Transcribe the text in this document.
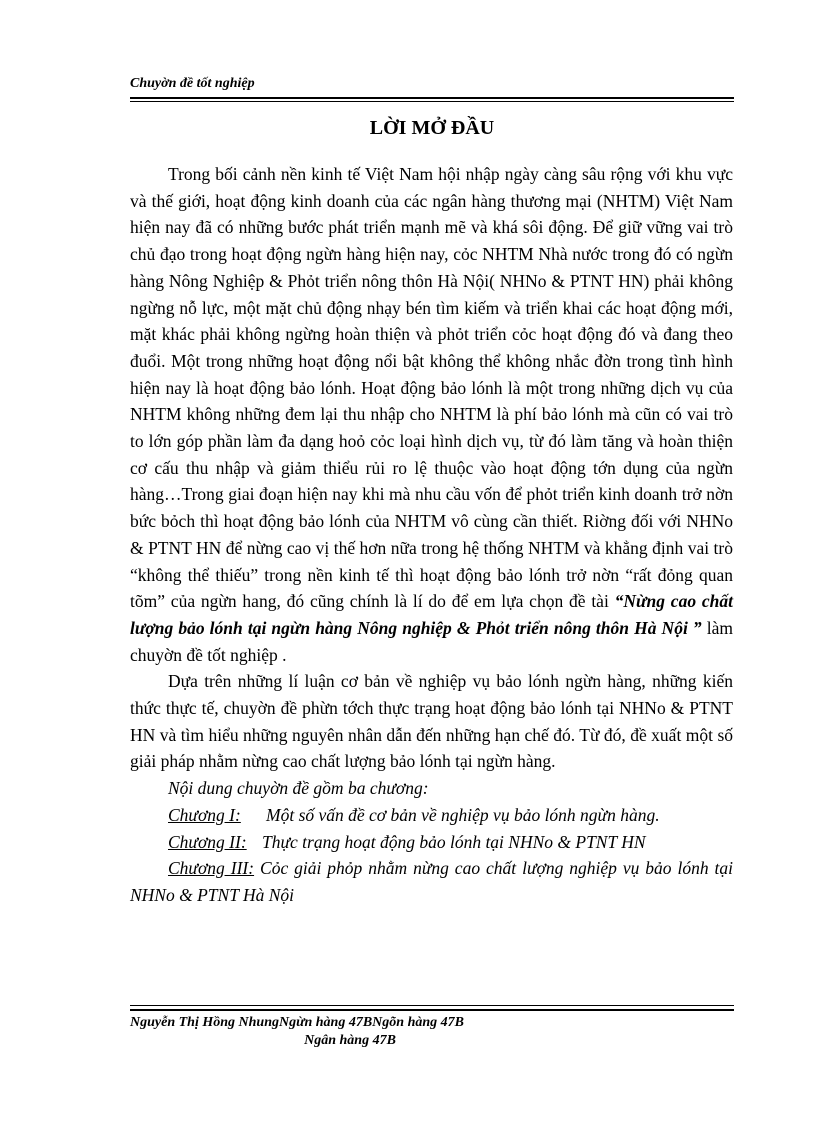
Chuyờn đề tốt nghiệp
LỜI MỞ ĐẦU

Trong bối cảnh nền kinh tế Việt Nam hội nhập ngày càng sâu rộng với khu vực và thế giới, hoạt động kinh doanh của các ngân hàng thương mại (NHTM) Việt Nam hiện nay đã có những bước phát triển mạnh mẽ và khá sôi động. Để giữ vững vai trò chủ đạo trong hoạt động ngừn hàng hiện nay, cỏc NHTM Nhà nước trong đó có ngừn hàng Nông Nghiệp & Phỏt triển nông thôn Hà Nội( NHNo & PTNT HN) phải không ngừng nỗ lực, một mặt chủ động nhạy bén tìm kiếm và triển khai các hoạt động mới, mặt khác phải không ngừng hoàn thiện và phỏt triển cỏc hoạt động đó và đang theo đuổi. Một trong những hoạt động nổi bật không thể không nhắc đờn trong tình hình hiện nay là hoạt động bảo lónh. Hoạt động bảo lónh là một trong những dịch vụ của NHTM không những đem lại thu nhập cho NHTM là phí bảo lónh mà cũn có vai trò to lớn góp phần làm đa dạng hoỏ cỏc loại hình dịch vụ, từ đó làm tăng và hoàn thiện cơ cấu thu nhập và giảm thiểu rủi ro lệ thuộc vào hoạt động tớn dụng của ngừn hàng…Trong giai đoạn hiện nay khi mà nhu cầu vốn để phỏt triển kinh doanh trở nờn bức bỏch thì hoạt động bảo lónh của NHTM vô cùng cần thiết. Riờng đối với NHNo & PTNT HN để nừng cao vị thế hơn nữa trong hệ thống NHTM và khẳng định vai trò “không thể thiếu” trong nền kinh tế thì hoạt động bảo lónh trở nờn “rất đỏng quan tõm” của ngừn hang, đó cũng chính là lí do để em lựa chọn đề tài “Nừng cao chất lượng bảo lónh tại ngừn hàng Nông nghiệp & Phỏt triển nông thôn Hà Nội ” làm chuyờn đề tốt nghiệp .

Dựa trên những lí luận cơ bản về nghiệp vụ bảo lónh ngừn hàng, những kiến thức thực tế, chuyờn đề phừn tớch thực trạng hoạt động bảo lónh tại NHNo & PTNT HN và tìm hiểu những nguyên nhân dẫn đến những hạn chế đó. Từ đó, đề xuất một số giải pháp nhằm nừng cao chất lượng bảo lónh tại ngừn hàng.

Nội dung chuyờn đề gồm ba chương:

Chương I: Một số vấn đề cơ bản về nghiệp vụ bảo lónh ngừn hàng.

Chương II: Thực trạng hoạt động bảo lónh tại NHNo & PTNT HN

Chương III: Cỏc giải phỏp nhằm nừng cao chất lượng nghiệp vụ bảo lónh tại NHNo & PTNT Hà Nội

Nguyễn Thị Hồng NhungNgừn hàng 47BNgõn hàng 47B
Ngân hàng 47B
